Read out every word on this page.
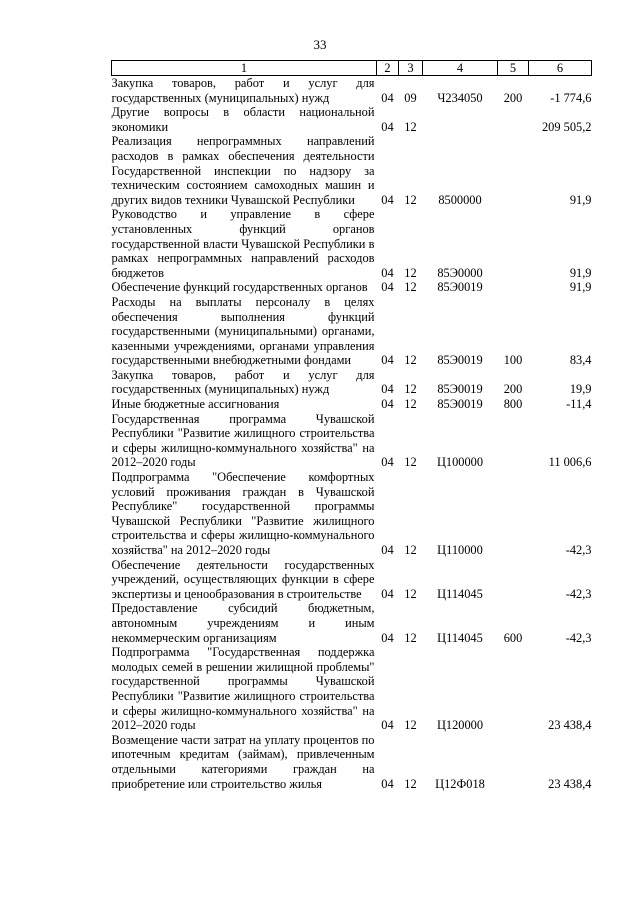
33
1	2	3	4	5	6
Закупка товаров, работ и услуг для государственных (муниципальных) нужд	04	09	Ч234050	200	-1 774,6
Другие вопросы в области национальной экономики	04	12			209 505,2
Реализация непрограммных направлений расходов в рамках обеспечения деятельности Государственной инспекции по надзору за техническим состоянием самоходных машин и других видов техники Чувашской Республики	04	12	8500000		91,9
Руководство и управление в сфере установленных функций органов государственной власти Чувашской Республики в рамках непрограммных направлений расходов бюджетов	04	12	85Э0000		91,9
Обеспечение функций государственных органов	04	12	85Э0019		91,9
Расходы на выплаты персоналу в целях обеспечения выполнения функций государственными (муниципальными) органами, казенными учреждениями, органами управления государственными внебюджетными фондами	04	12	85Э0019	100	83,4
Закупка товаров, работ и услуг для государственных (муниципальных) нужд	04	12	85Э0019	200	19,9
Иные бюджетные ассигнования	04	12	85Э0019	800	-11,4
Государственная программа Чувашской Республики "Развитие жилищного строительства и сферы жилищно-коммунального хозяйства" на 2012–2020 годы	04	12	Ц100000		11 006,6
Подпрограмма "Обеспечение комфортных условий проживания граждан в Чувашской Республике" государственной программы Чувашской Республики "Развитие жилищного строительства и сферы жилищно-коммунального хозяйства" на 2012–2020 годы	04	12	Ц110000		-42,3
Обеспечение деятельности государственных учреждений, осуществляющих функции в сфере экспертизы и ценообразования в строительстве	04	12	Ц114045		-42,3
Предоставление субсидий бюджетным, автономным учреждениям и иным некоммерческим организациям	04	12	Ц114045	600	-42,3
Подпрограмма "Государственная поддержка молодых семей в решении жилищной проблемы" государственной программы Чувашской Республики "Развитие жилищного строительства и сферы жилищно-коммунального хозяйства" на 2012–2020 годы	04	12	Ц120000		23 438,4
Возмещение части затрат на уплату процентов по ипотечным кредитам (займам), привлеченным отдельными категориями граждан на приобретение или строительство жилья	04	12	Ц12Ф018		23 438,4
